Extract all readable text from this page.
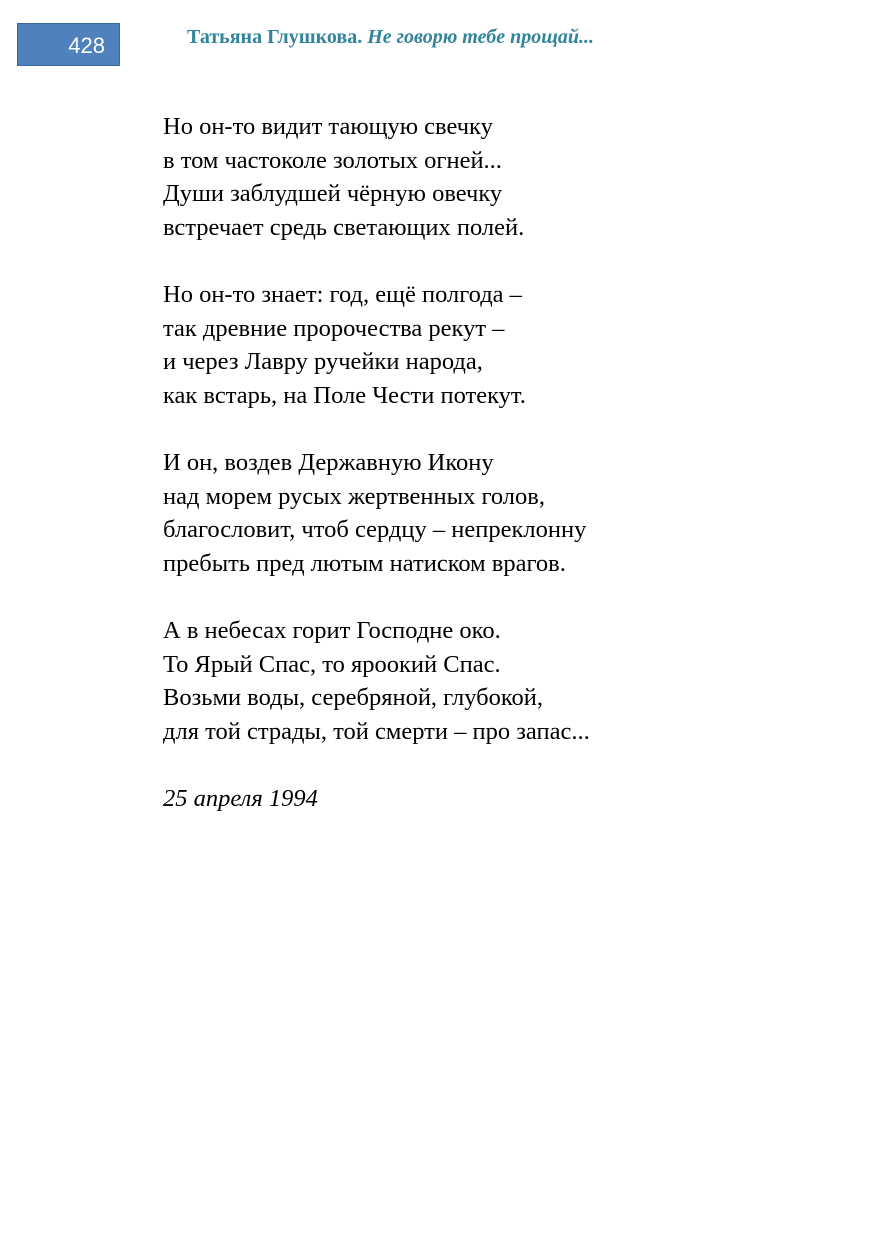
428	Татьяна Глушкова. Не говорю тебе прощай...
Но он-то видит тающую свечку
в том частоколе золотых огней...
Души заблудшей чёрную овечку
встречает средь светающих полей.
Но он-то знает: год, ещё полгода –
так древние пророчества рекут –
и через Лавру ручейки народа,
как встарь, на Поле Чести потекут.
И он, воздев Державную Икону
над морем русых жертвенных голов,
благословит, чтоб сердцу – непреклонну
пребыть пред лютым натиском врагов.
А в небесах горит Господне око.
То Ярый Спас, то яроокий Спас.
Возьми воды, серебряной, глубокой,
для той страды, той смерти – про запас...
25 апреля 1994
